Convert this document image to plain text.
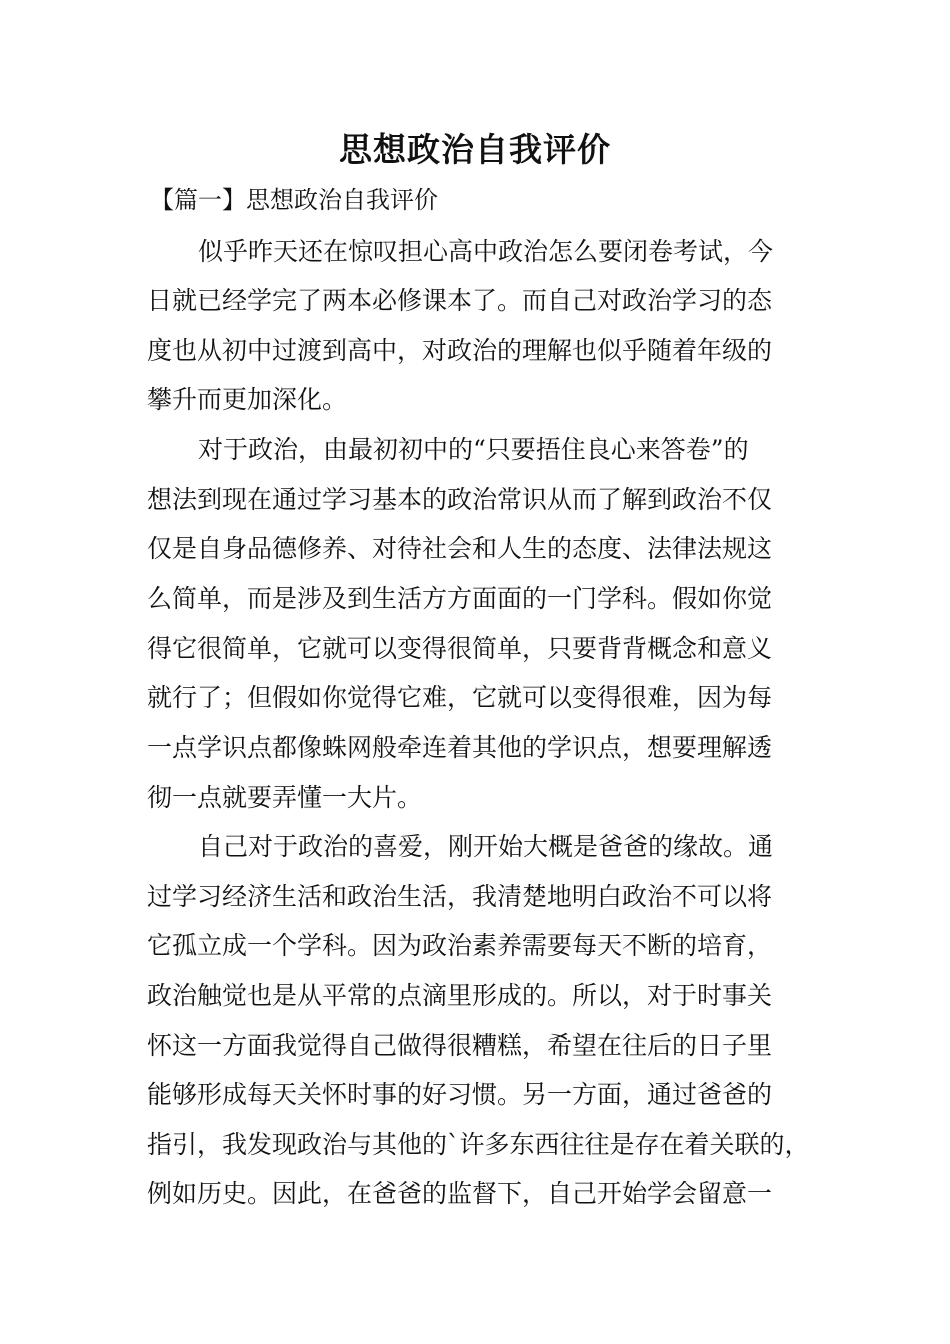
思想政治自我评价
【篇一】思想政治自我评价
似乎昨天还在惊叹担心高中政治怎么要闭卷考试，今
日就已经学完了两本必修课本了。而自己对政治学习的态
度也从初中过渡到高中，对政治的理解也似乎随着年级的
攀升而更加深化。
对于政治，由最初初中的“只要捂住良心来答卷”的
想法到现在通过学习基本的政治常识从而了解到政治不仅
仅是自身品德修养、对待社会和人生的态度、法律法规这
么简单，而是涉及到生活方方面面的一门学科。假如你觉
得它很简单，它就可以变得很简单，只要背背概念和意义
就行了；但假如你觉得它难，它就可以变得很难，因为每
一点学识点都像蛛网般牵连着其他的学识点，想要理解透
彻一点就要弄懂一大片。
自己对于政治的喜爱，刚开始大概是爸爸的缘故。通
过学习经济生活和政治生活，我清楚地明白政治不可以将
它孤立成一个学科。因为政治素养需要每天不断的培育，
政治触觉也是从平常的点滴里形成的。所以，对于时事关
怀这一方面我觉得自己做得很糟糕，希望在往后的日子里
能够形成每天关怀时事的好习惯。另一方面，通过爸爸的
指引，我发现政治与其他的`许多东西往往是存在着关联的，
例如历史。因此，在爸爸的监督下，自己开始学会留意一
